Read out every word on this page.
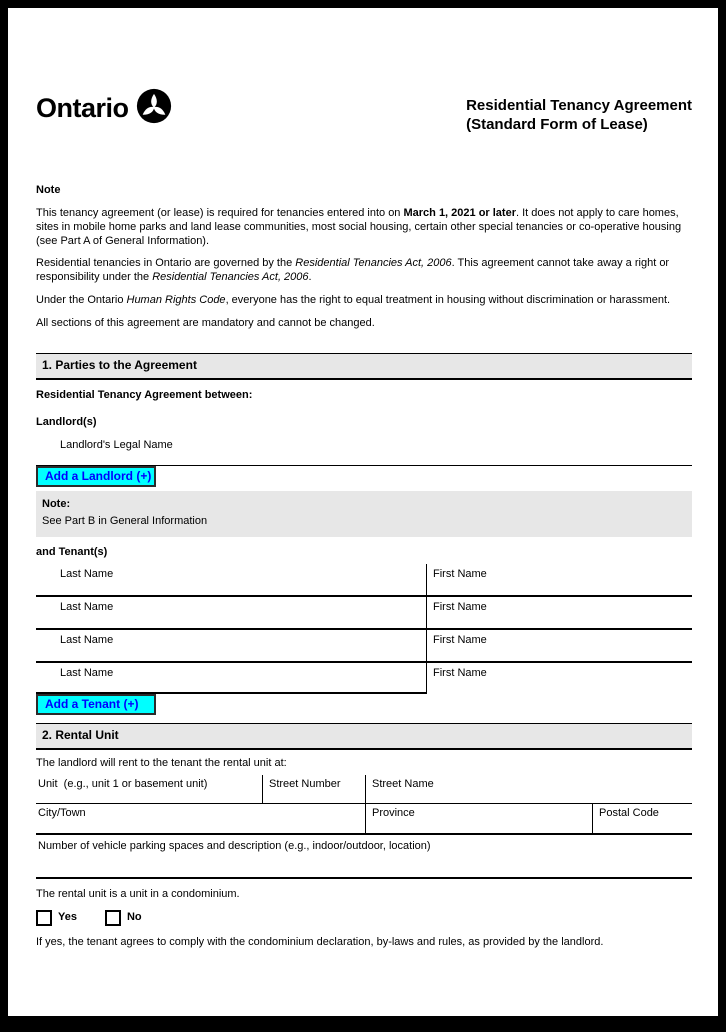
Ontario	Residential Tenancy Agreement
(Standard Form of Lease)
Note

This tenancy agreement (or lease) is required for tenancies entered into on March 1, 2021 or later. It does not apply to care homes, sites in mobile home parks and land lease communities, most social housing, certain other special tenancies or co-operative housing (see Part A of General Information).

Residential tenancies in Ontario are governed by the Residential Tenancies Act, 2006. This agreement cannot take away a right or responsibility under the Residential Tenancies Act, 2006.

Under the Ontario Human Rights Code, everyone has the right to equal treatment in housing without discrimination or harassment.

All sections of this agreement are mandatory and cannot be changed.

1. Parties to the Agreement
Residential Tenancy Agreement between:
Landlord(s)
Landlord's Legal Name
Add a Landlord (+)
Note:
See Part B in General Information
and Tenant(s)
Last Name	First Name
Last Name	First Name
Last Name	First Name
Last Name	First Name
Add a Tenant (+)
2. Rental Unit
The landlord will rent to the tenant the rental unit at:
Unit  (e.g., unit 1 or basement unit)	Street Number	Street Name
City/Town	Province	Postal Code
Number of vehicle parking spaces and description (e.g., indoor/outdoor, location)
The rental unit is a unit in a condominium.
Yes	No
If yes, the tenant agrees to comply with the condominium declaration, by-laws and rules, as provided by the landlord.
